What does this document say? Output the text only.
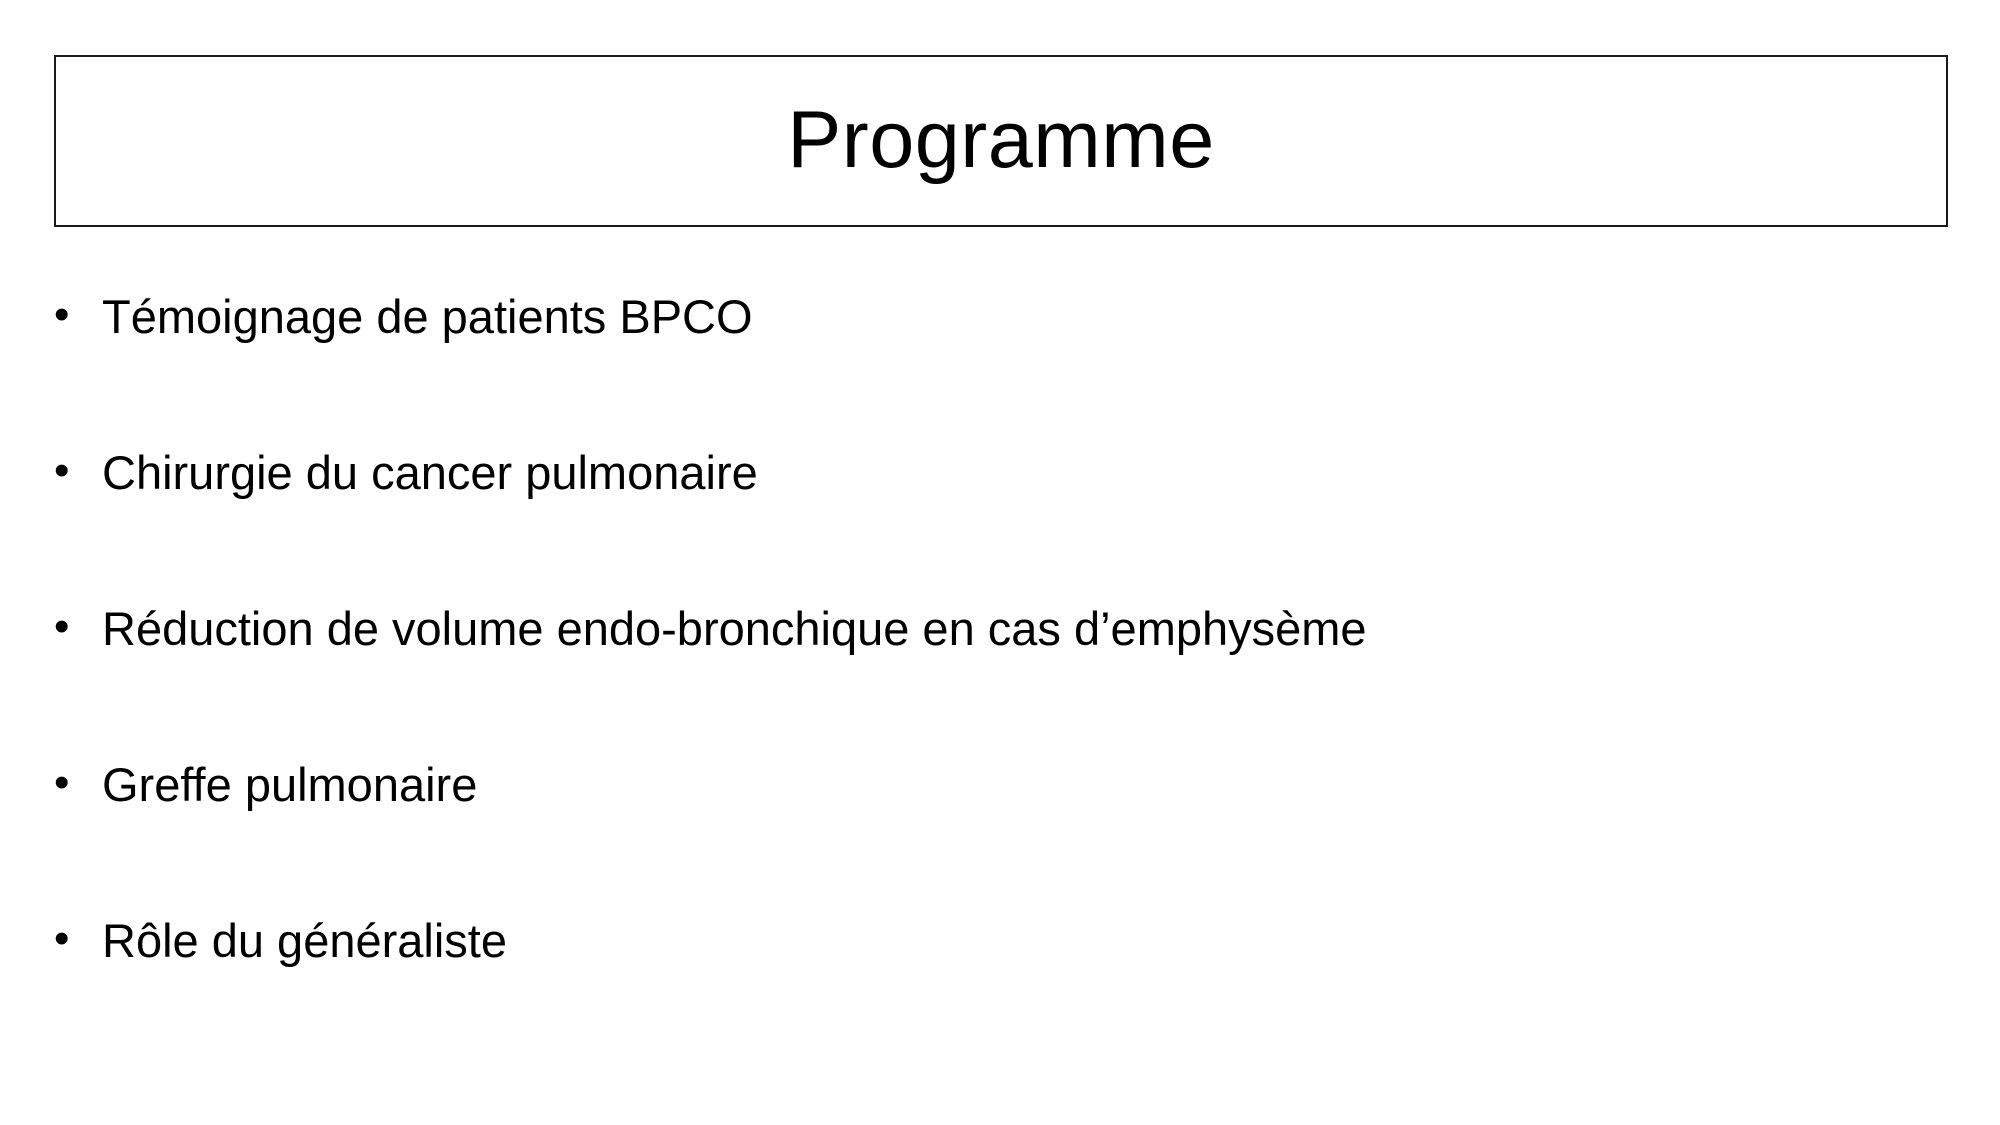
Programme
• Témoignage de patients BPCO
• Chirurgie du cancer pulmonaire
• Réduction de volume endo-bronchique en cas d’emphysème
• Greffe pulmonaire
• Rôle du généraliste
